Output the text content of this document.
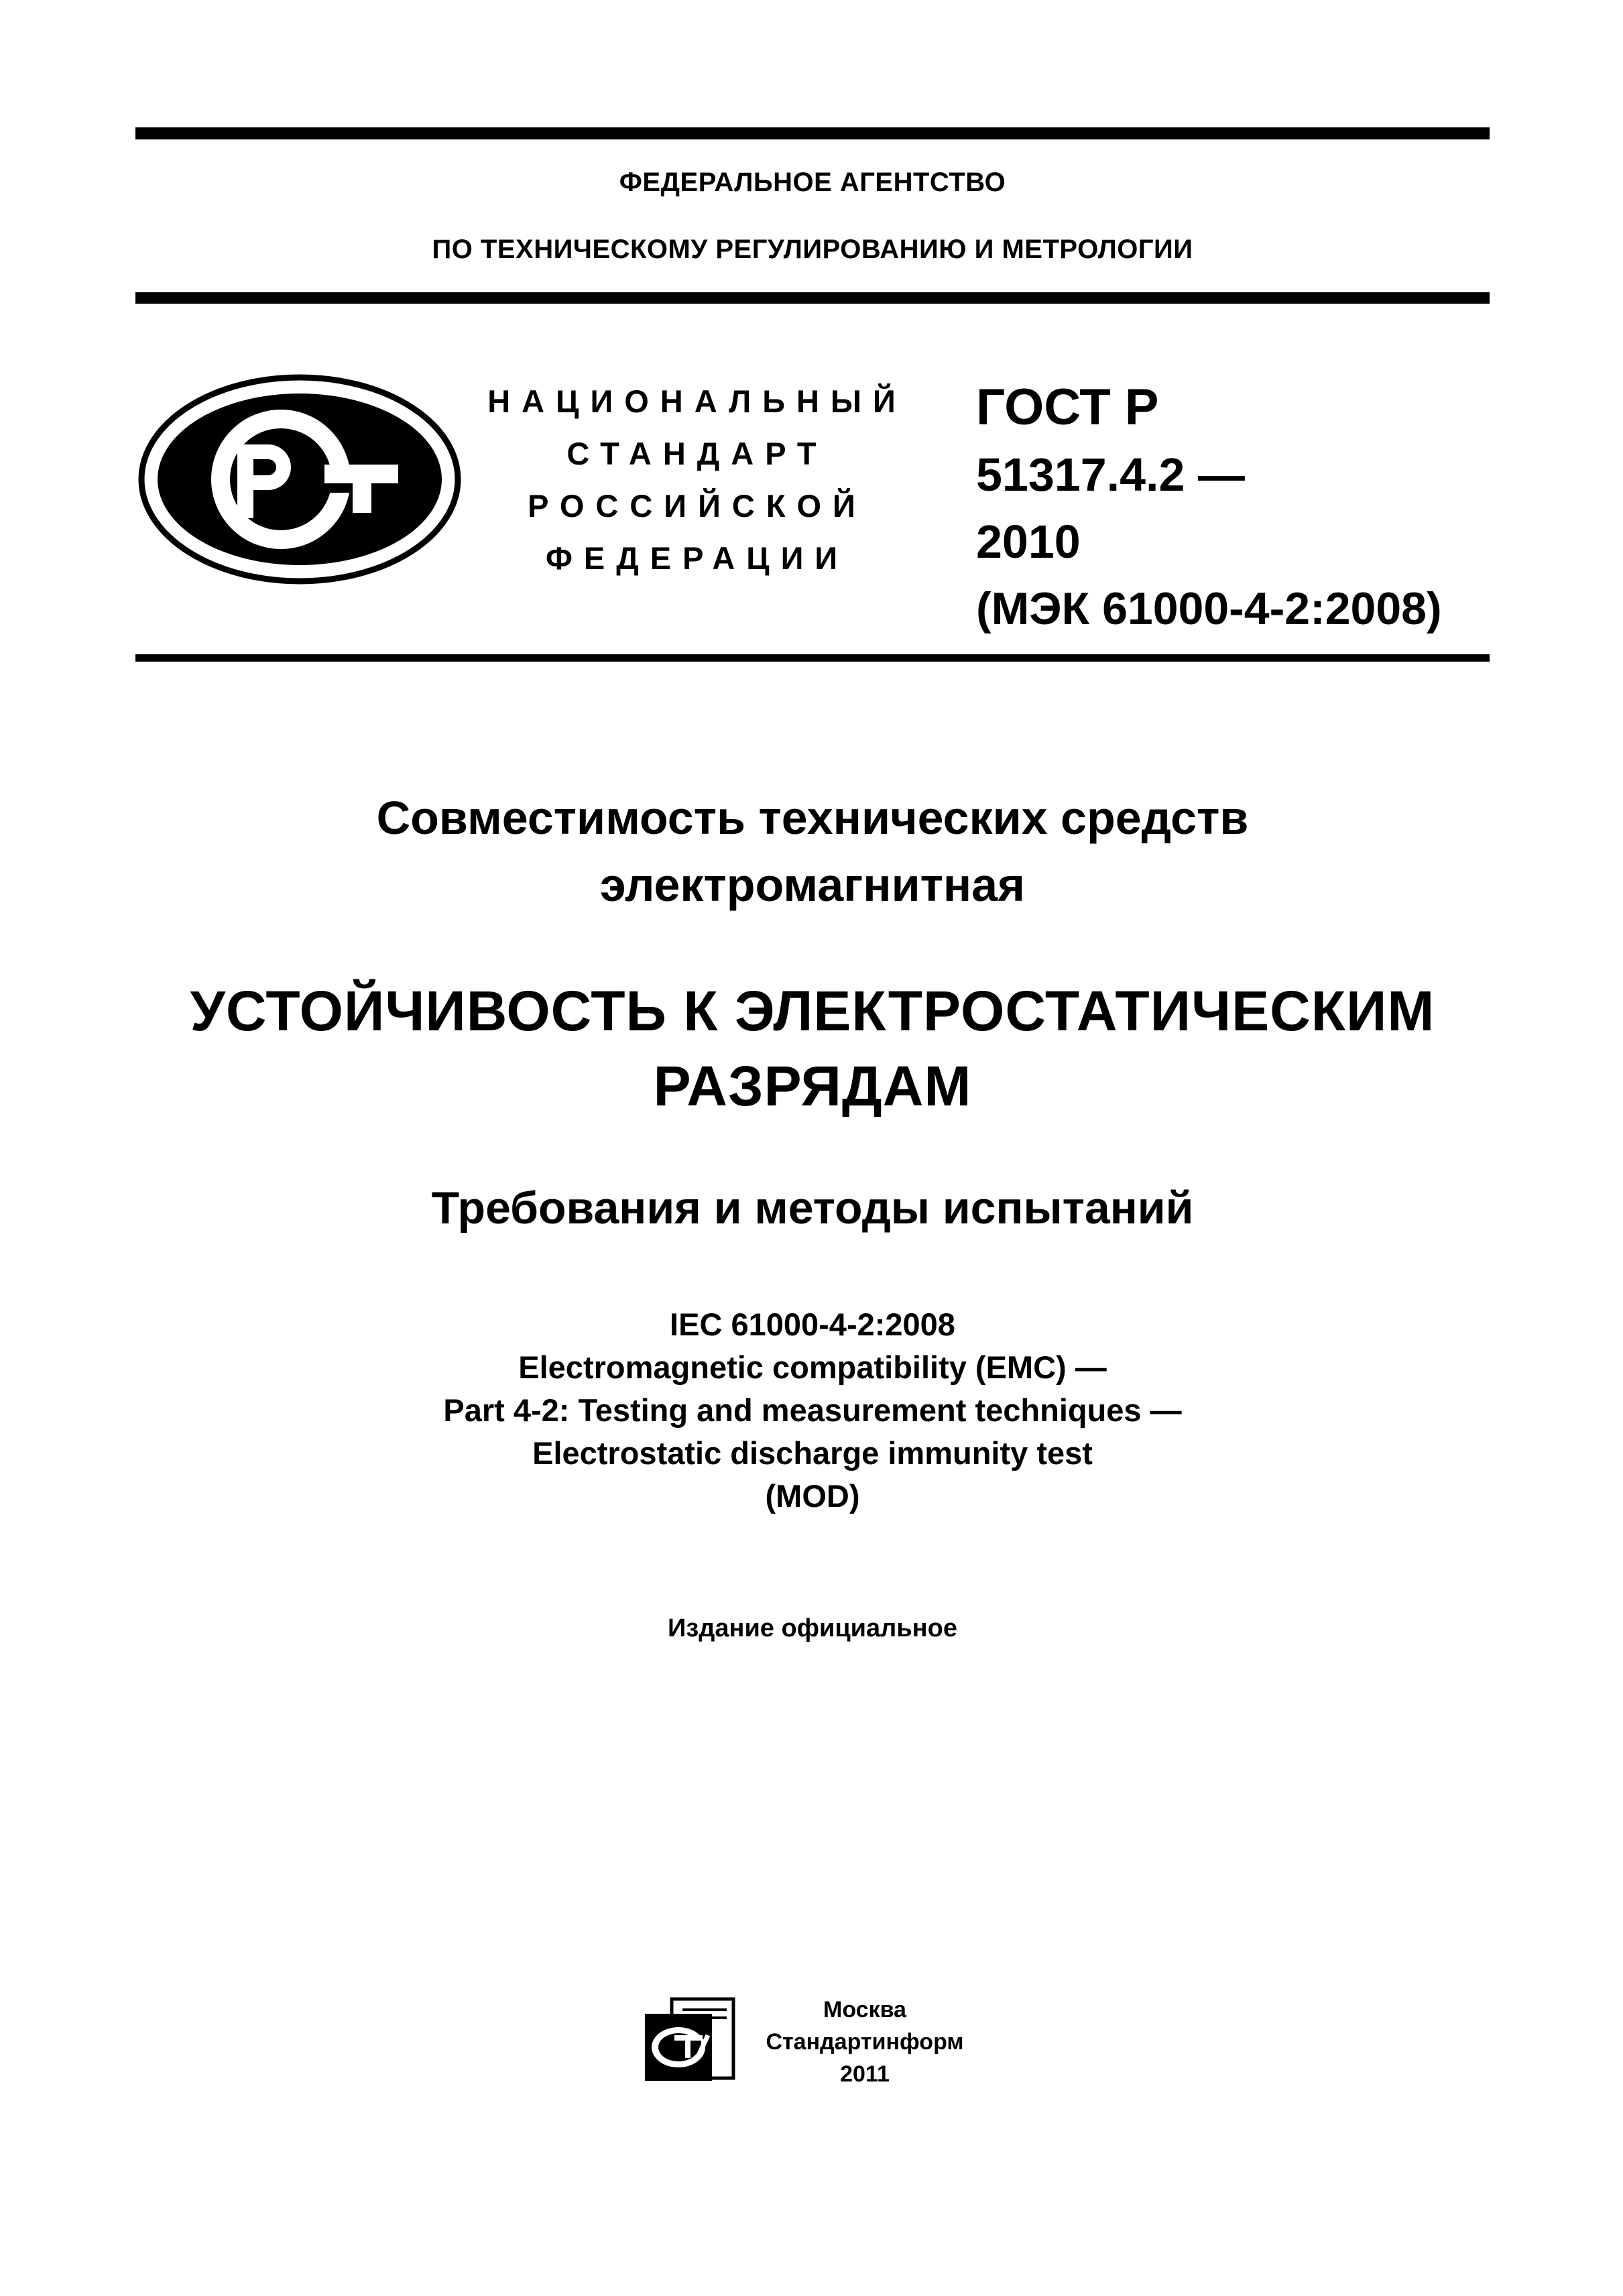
ФЕДЕРАЛЬНОЕ АГЕНТСТВО
ПО ТЕХНИЧЕСКОМУ РЕГУЛИРОВАНИЮ И МЕТРОЛОГИИ
НАЦИОНАЛЬНЫЙ
СТАНДАРТ
РОССИЙСКОЙ
ФЕДЕРАЦИИ
ГОСТ Р
51317.4.2 —
2010
(МЭК 61000-4-2:2008)
Совместимость технических средств
электромагнитная
УСТОЙЧИВОСТЬ К ЭЛЕКТРОСТАТИЧЕСКИМ
РАЗРЯДАМ
Требования и методы испытаний
IEC 61000-4-2:2008
Electromagnetic compatibility (EMC) —
Part 4-2: Testing and measurement techniques —
Electrostatic discharge immunity test
(MOD)
Издание официальное
Москва
Стандартинформ
2011
